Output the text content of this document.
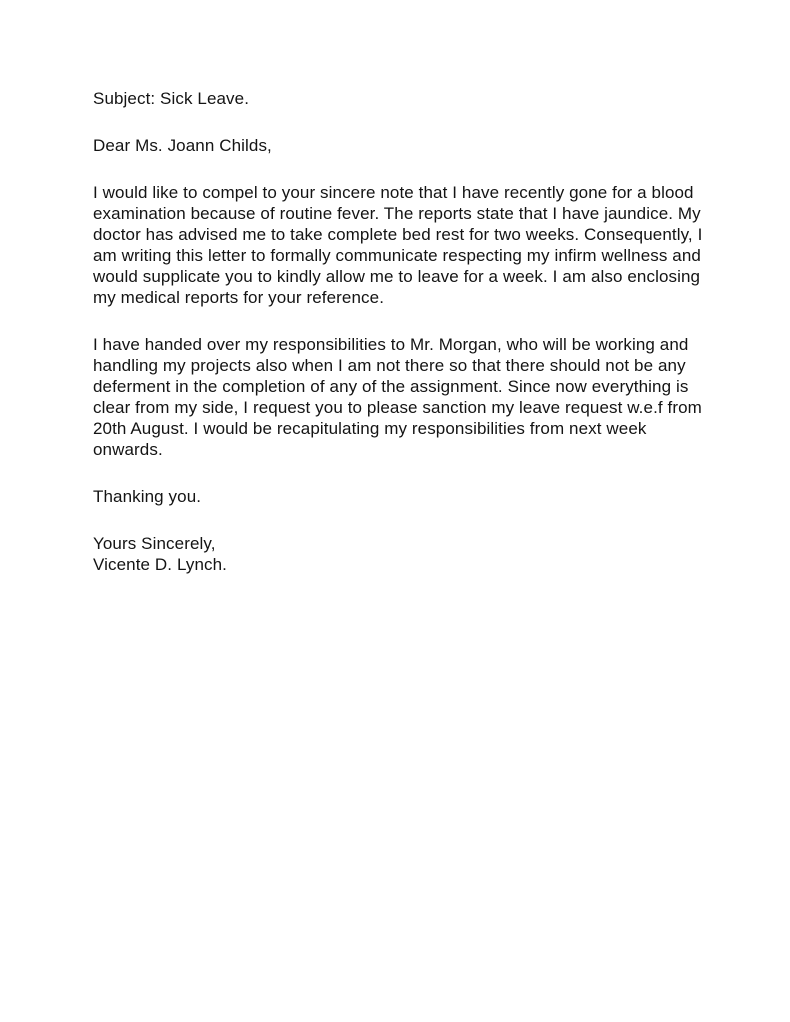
Subject: Sick Leave.

Dear Ms. Joann Childs,

I would like to compel to your sincere note that I have recently gone for a blood examination because of routine fever. The reports state that I have jaundice. My doctor has advised me to take complete bed rest for two weeks. Consequently, I am writing this letter to formally communicate respecting my infirm wellness and would supplicate you to kindly allow me to leave for a week. I am also enclosing my medical reports for your reference.

I have handed over my responsibilities to Mr. Morgan, who will be working and handling my projects also when I am not there so that there should not be any deferment in the completion of any of the assignment. Since now everything is clear from my side, I request you to please sanction my leave request w.e.f from 20th August. I would be recapitulating my responsibilities from next week onwards.

Thanking you.

Yours Sincerely,

Vicente D. Lynch.
